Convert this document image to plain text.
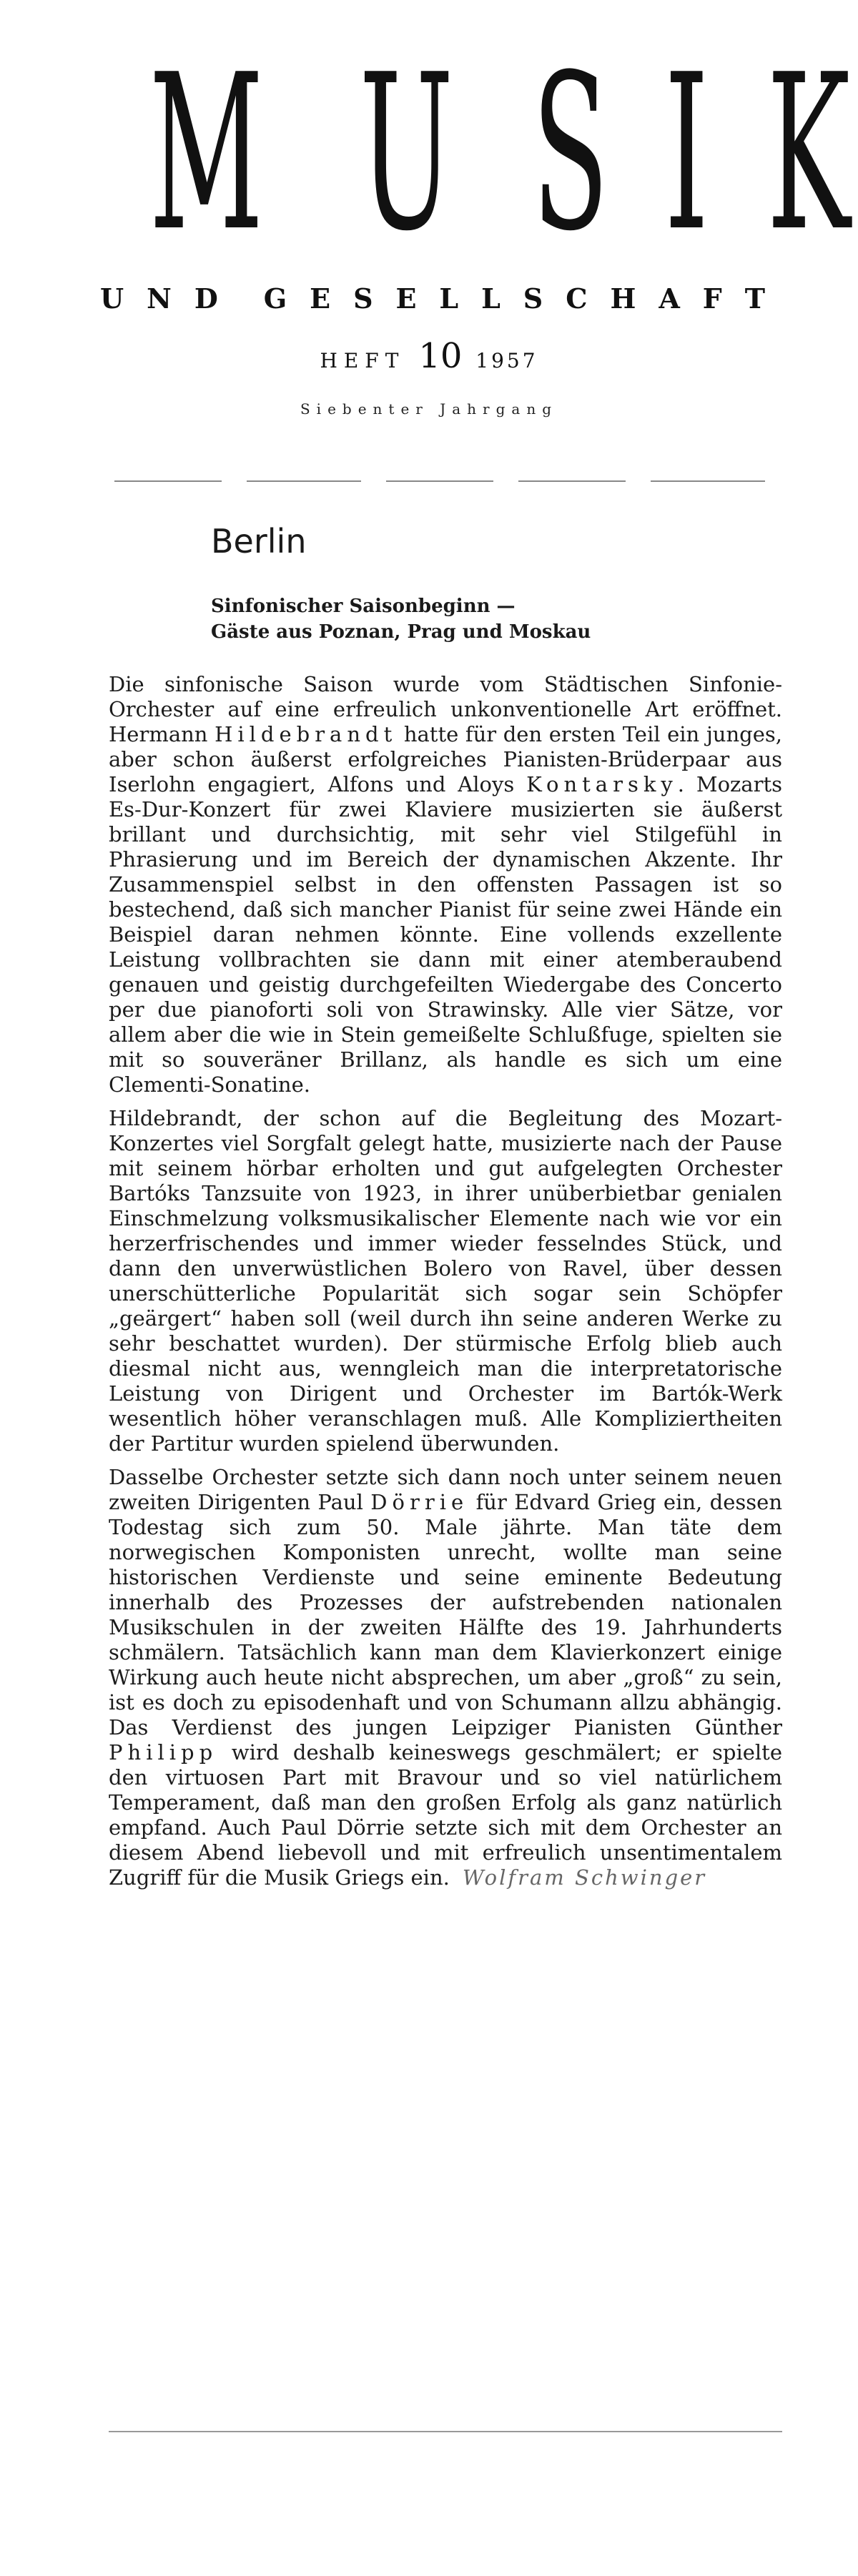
M U S I K
U N D G E S E L L S C H A F T
HEFT 10 1957
Siebenter Jahrgang
Berlin
Sinfonischer Saisonbeginn —
Gäste aus Poznan, Prag und Moskau

Die sinfonische Saison wurde vom Städtischen Sinfonie-Orchester auf eine erfreulich unkonventionelle Art eröffnet. Hermann Hildebrandt hatte für den ersten Teil ein junges, aber schon äußerst erfolgreiches Pianisten-Brüderpaar aus Iserlohn engagiert, Alfons und Aloys Kontarsky. Mozarts Es-Dur-Konzert für zwei Klaviere musizierten sie äußerst brillant und durchsichtig, mit sehr viel Stilgefühl in Phrasierung und im Bereich der dynamischen Akzente. Ihr Zusammenspiel selbst in den offensten Passagen ist so bestechend, daß sich mancher Pianist für seine zwei Hände ein Beispiel daran nehmen könnte. Eine vollends exzellente Leistung vollbrachten sie dann mit einer atemberaubend genauen und geistig durchgefeilten Wiedergabe des Concerto per due pianoforti soli von Strawinsky. Alle vier Sätze, vor allem aber die wie in Stein gemeißelte Schlußfuge, spielten sie mit so souveräner Brillanz, als handle es sich um eine Clementi-Sonatine.

Hildebrandt, der schon auf die Begleitung des Mozart-Konzertes viel Sorgfalt gelegt hatte, musizierte nach der Pause mit seinem hörbar erholten und gut aufgelegten Orchester Bartóks Tanzsuite von 1923, in ihrer unüberbietbar genialen Einschmelzung volksmusikalischer Elemente nach wie vor ein herzerfrischendes und immer wieder fesselndes Stück, und dann den unverwüstlichen Bolero von Ravel, über dessen unerschütterliche Popularität sich sogar sein Schöpfer „geärgert“ haben soll (weil durch ihn seine anderen Werke zu sehr beschattet wurden). Der stürmische Erfolg blieb auch diesmal nicht aus, wenngleich man die interpretatorische Leistung von Dirigent und Orchester im Bartók-Werk wesentlich höher veranschlagen muß. Alle Kompliziertheiten der Partitur wurden spielend überwunden.

Dasselbe Orchester setzte sich dann noch unter seinem neuen zweiten Dirigenten Paul Dörrie für Edvard Grieg ein, dessen Todestag sich zum 50. Male jährte. Man täte dem norwegischen Komponisten unrecht, wollte man seine historischen Verdienste und seine eminente Bedeutung innerhalb des Prozesses der aufstrebenden nationalen Musikschulen in der zweiten Hälfte des 19. Jahrhunderts schmälern. Tatsächlich kann man dem Klavierkonzert einige Wirkung auch heute nicht absprechen, um aber „groß“ zu sein, ist es doch zu episodenhaft und von Schumann allzu abhängig. Das Verdienst des jungen Leipziger Pianisten Günther Philipp wird deshalb keineswegs geschmälert; er spielte den virtuosen Part mit Bravour und so viel natürlichem Temperament, daß man den großen Erfolg als ganz natürlich empfand. Auch Paul Dörrie setzte sich mit dem Orchester an diesem Abend liebevoll und mit erfreulich unsentimentalem Zugriff für die Musik Griegs ein. Wolfram Schwinger
